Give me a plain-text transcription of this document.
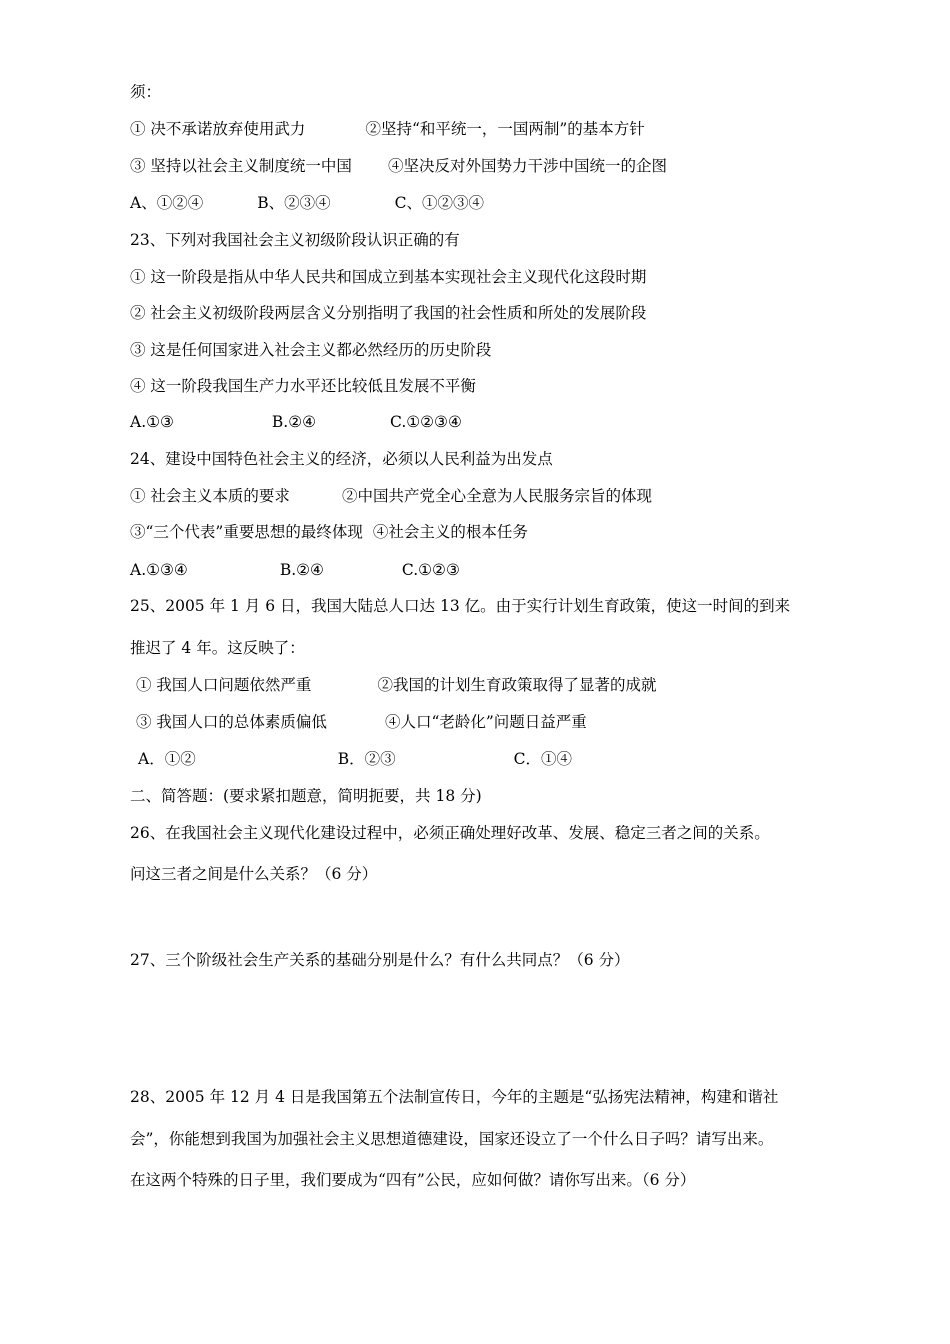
须：
① 决不承诺放弃使用武力	②坚持“和平统一，一国两制”的基本方针
③ 坚持以社会主义制度统一中国 ④坚决反对外国势力干涉中国统一的企图
A、①②④	B、②③④	C、①②③④
23、下列对我国社会主义初级阶段认识正确的有
① 这一阶段是指从中华人民共和国成立到基本实现社会主义现代化这段时期
② 社会主义初级阶段两层含义分别指明了我国的社会性质和所处的发展阶段
③ 这是任何国家进入社会主义都必然经历的历史阶段
④ 这一阶段我国生产力水平还比较低且发展不平衡
A.①③	B.②④	C.①②③④
24、建设中国特色社会主义的经济，必须以人民利益为出发点
① 社会主义本质的要求	②中国共产党全心全意为人民服务宗旨的体现
③“三个代表”重要思想的最终体现 ④社会主义的根本任务
A.①③④	B.②④	C.①②③
25、2005 年 1 月 6 日，我国大陆总人口达 13 亿。由于实行计划生育政策，使这一时间的到来
推迟了 4 年。这反映了：
① 我国人口问题依然严重	②我国的计划生育政策取得了显著的成就
③ 我国人口的总体素质偏低	④人口“老龄化”问题日益严重
A．①②	B．②③	C．①④
二、简答题：(要求紧扣题意，简明扼要，共 18 分)
26、在我国社会主义现代化建设过程中，必须正确处理好改革、发展、稳定三者之间的关系。
问这三者之间是什么关系？（6 分）
27、三个阶级社会生产关系的基础分别是什么？有什么共同点？（6 分）
28、2005 年 12 月 4 日是我国第五个法制宣传日，今年的主题是“弘扬宪法精神，构建和谐社
会”，你能想到我国为加强社会主义思想道德建设，国家还设立了一个什么日子吗？请写出来。
在这两个特殊的日子里，我们要成为“四有”公民，应如何做？请你写出来。（6 分）
